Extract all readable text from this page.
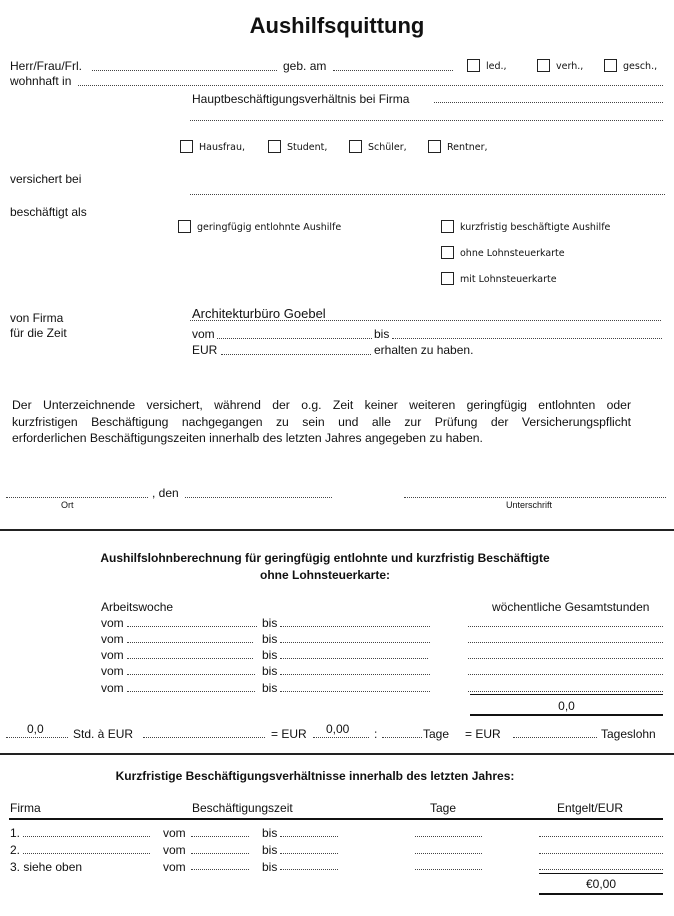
Aushilfsquittung
Herr/Frau/Frl.	geb. am	led.,	verh.,	gesch.,
wohnhaft in
Hauptbeschäftigungsverhältnis bei Firma
Hausfrau,	Student,	Schüler,	Rentner,
versichert bei
beschäftigt als
geringfügig entlohnte Aushilfe	kurzfristig beschäftigte Aushilfe
ohne Lohnsteuerkarte
mit Lohnsteuerkarte
von Firma	Architekturbüro Goebel
für die Zeit	vom	bis
EUR	erhalten zu haben.
Der Unterzeichnende versichert, während der o.g. Zeit keiner weiteren geringfügig entlohnten oder
kurzfristigen Beschäftigung nachgegangen zu sein und alle zur Prüfung der Versicherungspflicht
erforderlichen Beschäftigungszeiten innerhalb des letzten Jahres angegeben zu haben.
, den
Ort	Unterschrift
Aushilfslohnberechnung für geringfügig entlohnte und kurzfristig Beschäftigte
ohne Lohnsteuerkarte:
Arbeitswoche	wöchentliche Gesamtstunden
vom	bis
vom	bis
vom	bis
vom	bis
vom	bis
0,0
0,0 Std. à EUR	= EUR 0,00 :	Tage = EUR	Tageslohn
Kurzfristige Beschäftigungsverhältnisse innerhalb des letzten Jahres:
Firma	Beschäftigungszeit	Tage	Entgelt/EUR
1.	vom	bis
2.	vom	bis
3. siehe oben	vom	bis
€0,00
